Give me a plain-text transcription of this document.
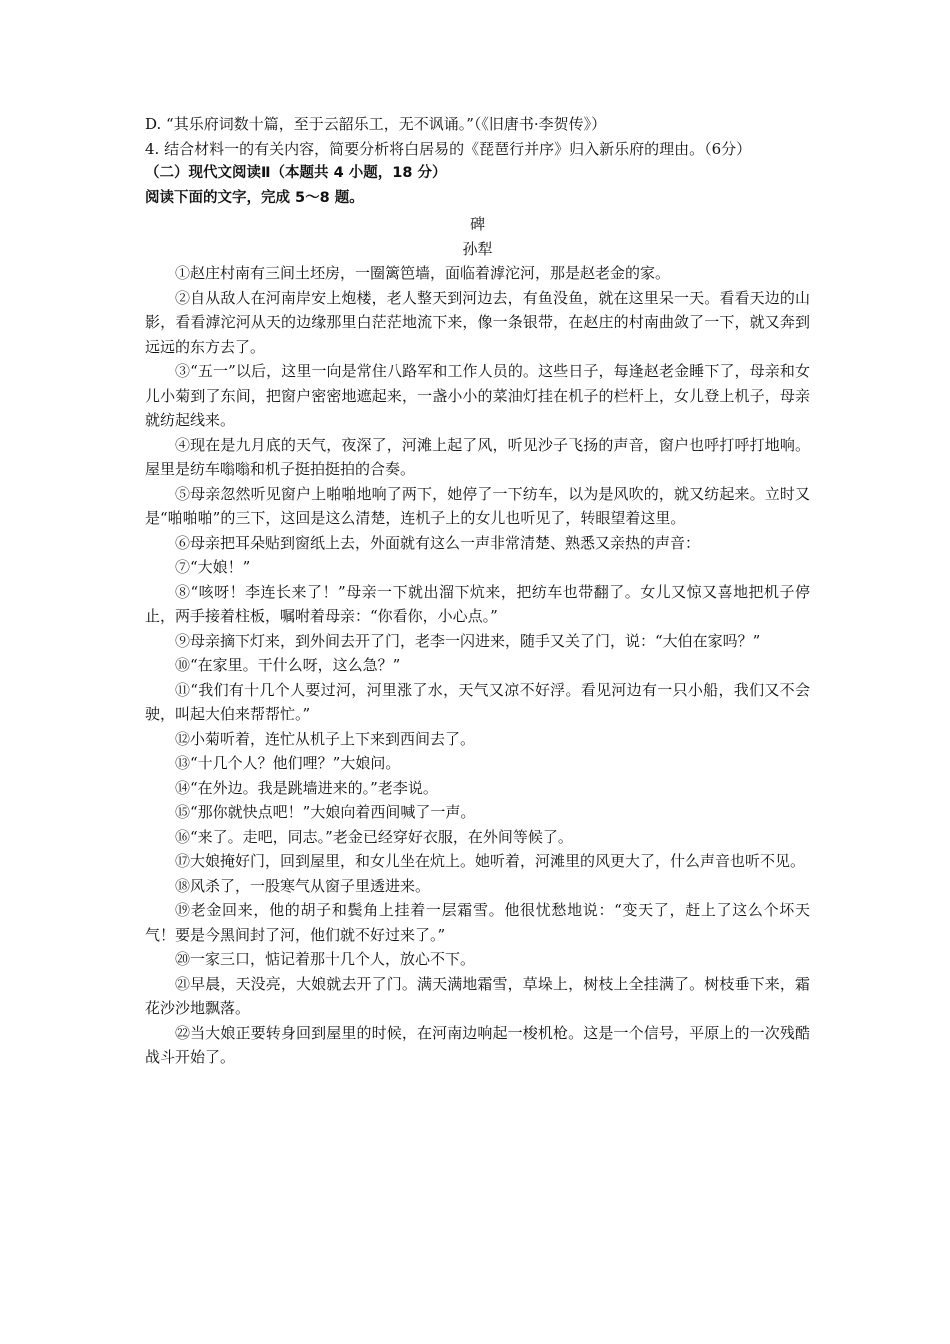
D. “其乐府词数十篇，至于云韶乐工，无不讽诵。”（《旧唐书·李贺传》）
4. 结合材料一的有关内容，简要分析将白居易的《琵琶行并序》归入新乐府的理由。（6分）
（二）现代文阅读Ⅱ（本题共 4 小题，18 分）
阅读下面的文字，完成 5～8 题。
碑
孙犁
①赵庄村南有三间土坯房，一圈篱笆墙，面临着滹沱河，那是赵老金的家。
②自从敌人在河南岸安上炮楼，老人整天到河边去，有鱼没鱼，就在这里呆一天。看看天边的山影，看看滹沱河从天的边缘那里白茫茫地流下来，像一条银带，在赵庄的村南曲敛了一下，就又奔到远远的东方去了。
③“五一”以后，这里一向是常住八路军和工作人员的。这些日子，每逢赵老金睡下了，母亲和女儿小菊到了东间，把窗户密密地遮起来，一盏小小的菜油灯挂在机子的栏杆上，女儿登上机子，母亲就纺起线来。
④现在是九月底的天气，夜深了，河滩上起了风，听见沙子飞扬的声音，窗户也呼打呼打地响。屋里是纺车嗡嗡和机子挺拍挺拍的合奏。
⑤母亲忽然听见窗户上啪啪地响了两下，她停了一下纺车，以为是风吹的，就又纺起来。立时又是“啪啪啪”的三下，这回是这么清楚，连机子上的女儿也听见了，转眼望着这里。
⑥母亲把耳朵贴到窗纸上去，外面就有这么一声非常清楚、熟悉又亲热的声音：
⑦“大娘！”
⑧“咳呀！李连长来了！”母亲一下就出溜下炕来，把纺车也带翻了。女儿又惊又喜地把机子停止，两手接着柱板，嘱咐着母亲：“你看你，小心点。”
⑨母亲摘下灯来，到外间去开了门，老李一闪进来，随手又关了门，说：“大伯在家吗？”
⑩“在家里。干什么呀，这么急？”
⑪“我们有十几个人要过河，河里涨了水，天气又凉不好浮。看见河边有一只小船，我们又不会驶，叫起大伯来帮帮忙。”
⑫小菊听着，连忙从机子上下来到西间去了。
⑬“十几个人？他们哩？”大娘问。
⑭“在外边。我是跳墙进来的。”老李说。
⑮“那你就快点吧！”大娘向着西间喊了一声。
⑯“来了。走吧，同志。”老金已经穿好衣服，在外间等候了。
⑰大娘掩好门，回到屋里，和女儿坐在炕上。她听着，河滩里的风更大了，什么声音也听不见。
⑱风杀了，一股寒气从窗子里透进来。
⑲老金回来，他的胡子和鬓角上挂着一层霜雪。他很忧愁地说：“变天了，赶上了这么个坏天气！要是今黑间封了河，他们就不好过来了。”
⑳一家三口，惦记着那十几个人，放心不下。
㉑早晨，天没亮，大娘就去开了门。满天满地霜雪，草垛上，树枝上全挂满了。树枝垂下来，霜花沙沙地飘落。
㉒当大娘正要转身回到屋里的时候，在河南边响起一梭机枪。这是一个信号，平原上的一次残酷战斗开始了。
